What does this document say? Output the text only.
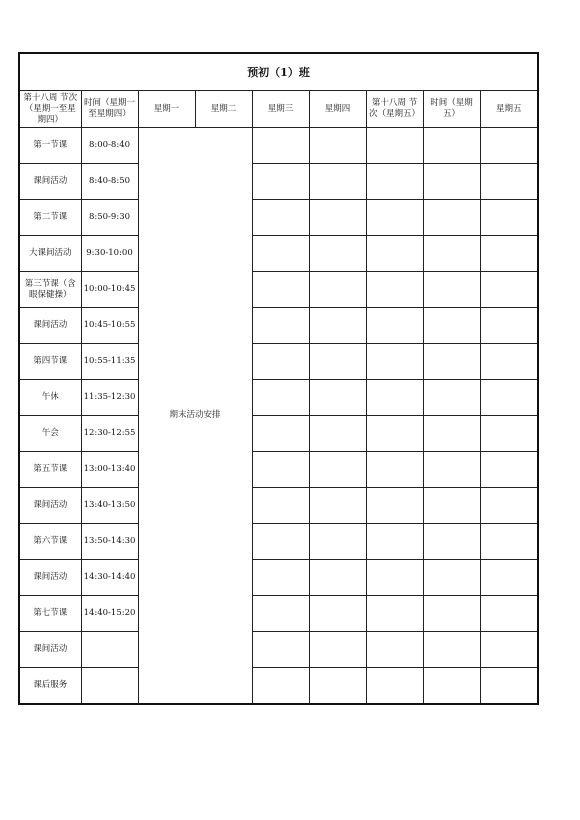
预初（1）班								
第十八周 节次（星期一至星期四）	时间（星期一至星期四）	星期一	星期二	星期三	星期四	第十八周 节次（星期五）	时间（星期五）	星期五
第一节课	8:00-8:40	期末活动安排						
课间活动	8:40-8:50							
第二节课	8:50-9:30							
大课间活动	9:30-10:00							
第三节课（含眼保健操）	10:00-10:45							
课间活动	10:45-10:55							
第四节课	10:55-11:35							
午休	11:35-12:30							
午会	12:30-12:55							
第五节课	13:00-13:40							
课间活动	13:40-13:50							
第六节课	13:50-14:30							
课间活动	14:30-14:40							
第七节课	14:40-15:20							
课间活动								
课后服务								
